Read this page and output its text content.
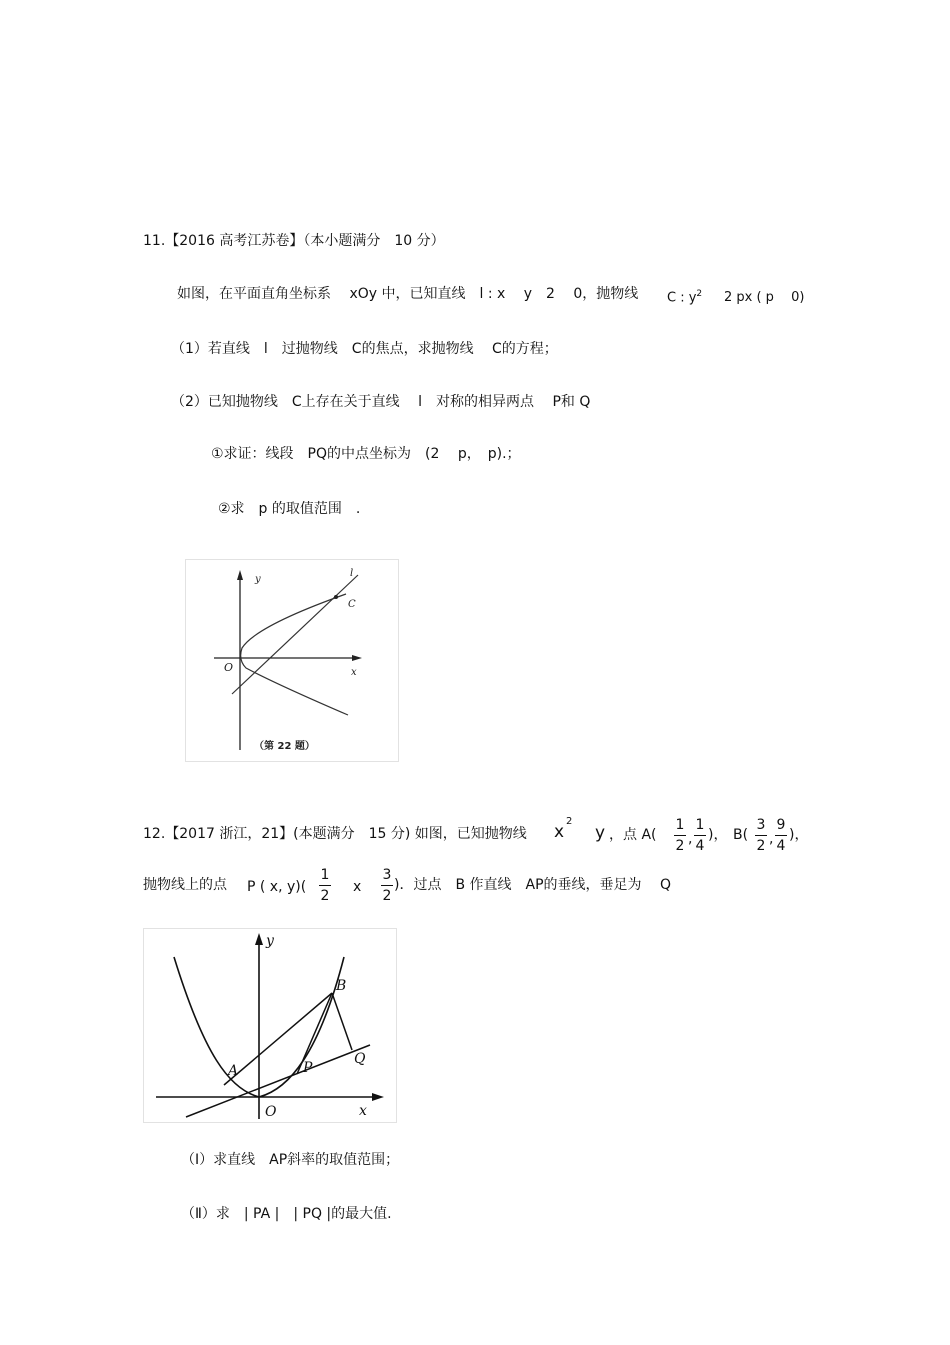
11.【2016 高考江苏卷】（本小题满分　10 分）
如图，在平面直角坐标系　 xOy 中，已知直线　l : x　 y　2　 0，抛物线 C : $y^2$ 2 px ( p　 0)
（1）若直线　l　过抛物线　C的焦点，求抛物线　 C的方程；
（2）已知抛物线　C上存在关于直线　 l　对称的相异两点　 P和 Q
①求证：线段　PQ的中点坐标为　(2　 p，　p).；
②求　p 的取值范围　.
y
x
O
l
C
（第 22 题）
12.【2017 浙江，21】(本题满分　15 分) 如图，已知抛物线 x
2
y ，点 A(
1
2 ,
1
4
)， B(
3
2 ,
9
4
)，
抛物线上的点 P ( x, y)(
1
2
x
3
2
)．过点　B 作直线　AP的垂线，垂足为　 Q
O
y
x
A
B
P
Q
（Ⅰ）求直线　AP斜率的取值范围；
（Ⅱ）求　| PA |　| PQ |的最大值.
